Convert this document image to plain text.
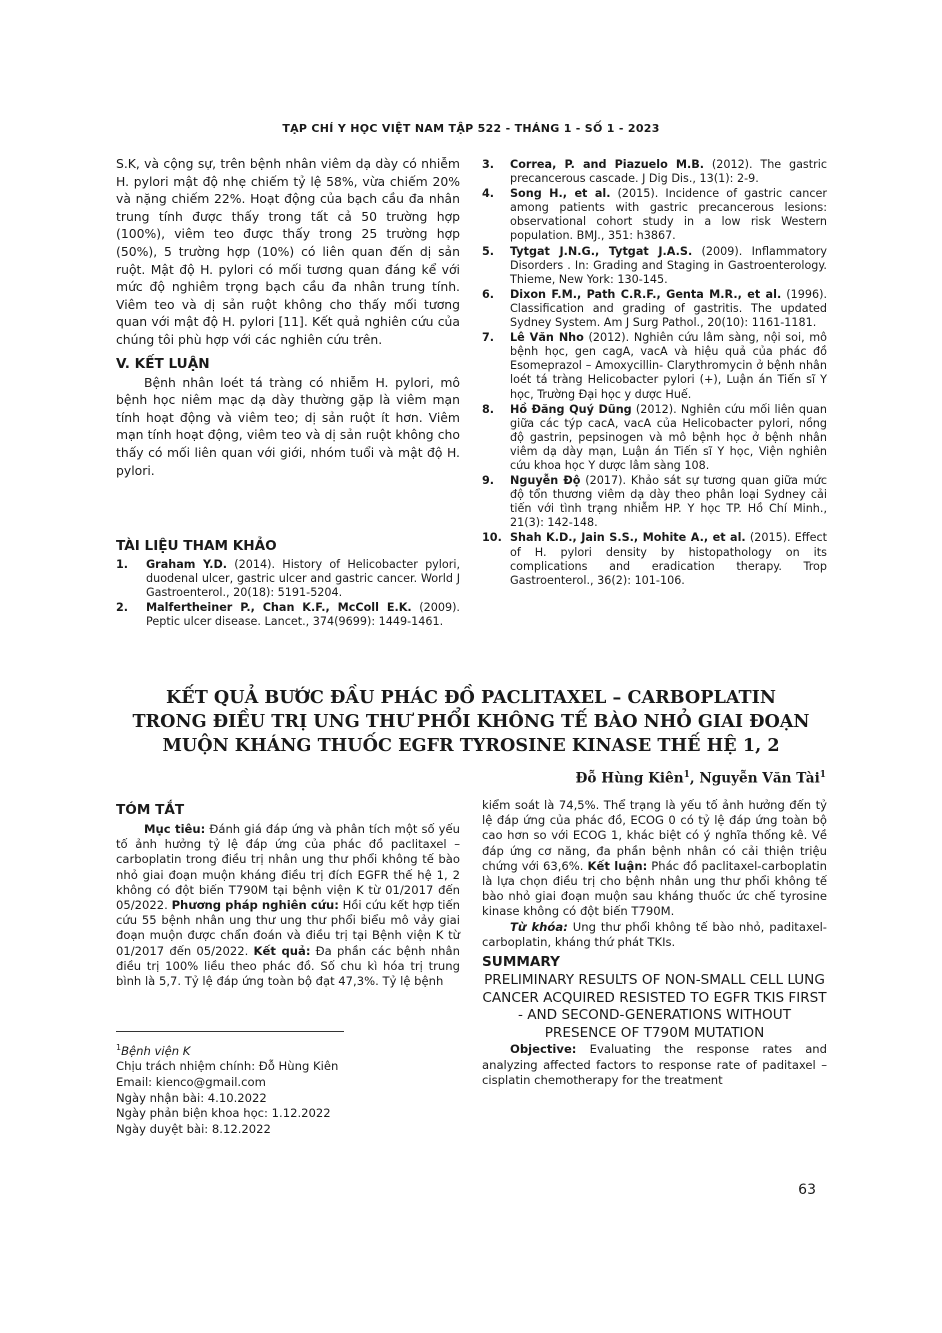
TẠP CHÍ Y HỌC VIỆT NAM TẬP 522 - THÁNG 1 - SỐ 1 - 2023

S.K, và cộng sự, trên bệnh nhân viêm dạ dày có nhiễm H. pylori mật độ nhẹ chiếm tỷ lệ 58%, vừa chiếm 20% và nặng chiếm 22%. Hoạt động của bạch cầu đa nhân trung tính được thấy trong tất cả 50 trường hợp (100%), viêm teo được thấy trong 25 trường hợp (50%), 5 trường hợp (10%) có liên quan đến dị sản ruột. Mật độ H. pylori có mối tương quan đáng kể với mức độ nghiêm trọng bạch cầu đa nhân trung tính. Viêm teo và dị sản ruột không cho thấy mối tương quan với mật độ H. pylori [11]. Kết quả nghiên cứu của chúng tôi phù hợp với các nghiên cứu trên.

V. KẾT LUẬN

Bệnh nhân loét tá tràng có nhiễm H. pylori, mô bệnh học niêm mạc dạ dày thường gặp là viêm mạn tính hoạt động và viêm teo; dị sản ruột ít hơn. Viêm mạn tính hoạt động, viêm teo và dị sản ruột không cho thấy có mối liên quan với giới, nhóm tuổi và mật độ H. pylori.

TÀI LIỆU THAM KHẢO

1. Graham Y.D. (2014). History of Helicobacter pylori, duodenal ulcer, gastric ulcer and gastric cancer. World J Gastroenterol., 20(18): 5191-5204.

2. Malfertheiner P., Chan K.F., McColl E.K. (2009). Peptic ulcer disease. Lancet., 374(9699): 1449-1461.

3. Correa, P. and Piazuelo M.B. (2012). The gastric precancerous cascade. J Dig Dis., 13(1): 2-9.

4. Song H., et al. (2015). Incidence of gastric cancer among patients with gastric precancerous lesions: observational cohort study in a low risk Western population. BMJ., 351: h3867.

5. Tytgat J.N.G., Tytgat J.A.S. (2009). Inflammatory Disorders . In: Grading and Staging in Gastroenterology. Thieme, New York: 130-145.

6. Dixon F.M., Path C.R.F., Genta M.R., et al. (1996). Classification and grading of gastritis. The updated Sydney System. Am J Surg Pathol., 20(10): 1161-1181.

7. Lê Văn Nho (2012). Nghiên cứu lâm sàng, nội soi, mô bệnh học, gen cagA, vacA và hiệu quả của phác đồ Esomeprazol – Amoxycillin- Clarythromycin ở bệnh nhân loét tá tràng Helicobacter pylori (+), Luận án Tiến sĩ Y học, Trường Đại học y dược Huế.

8. Hồ Đăng Quý Dũng (2012). Nghiên cứu mối liên quan giữa các týp cacA, vacA của Helicobacter pylori, nồng độ gastrin, pepsinogen và mô bệnh học ở bệnh nhân viêm dạ dày mạn, Luận án Tiến sĩ Y học, Viện nghiên cứu khoa học Y dược lâm sàng 108.

9. Nguyễn Độ (2017). Khảo sát sự tương quan giữa mức độ tổn thương viêm dạ dày theo phân loại Sydney cải tiến với tình trạng nhiễm HP. Y học TP. Hồ Chí Minh., 21(3): 142-148.

10. Shah K.D., Jain S.S., Mohite A., et al. (2015). Effect of H. pylori density by histopathology on its complications and eradication therapy. Trop Gastroenterol., 36(2): 101-106.

KẾT QUẢ BƯỚC ĐẦU PHÁC ĐỒ PACLITAXEL – CARBOPLATIN
TRONG ĐIỀU TRỊ UNG THƯ PHỔI KHÔNG TẾ BÀO NHỎ GIAI ĐOẠN
MUỘN KHÁNG THUỐC EGFR TYROSINE KINASE THẾ HỆ 1, 2
Đỗ Hùng Kiên$^1$, Nguyễn Văn Tài$^1$
TÓM TẮT

Mục tiêu: Đánh giá đáp ứng và phân tích một số yếu tố ảnh hưởng tỷ lệ đáp ứng của phác đồ paclitaxel – carboplatin trong điều trị nhân ung thư phổi không tế bào nhỏ giai đoạn muộn kháng điều trị đích EGFR thế hệ 1, 2 không có đột biến T790M tại bệnh viện K từ 01/2017 đến 05/2022. Phương pháp nghiên cứu: Hồi cứu kết hợp tiến cứu 55 bệnh nhân ung thư ung thư phổi biểu mô vảy giai đoạn muộn được chẩn đoán và điều trị tại Bệnh viện K từ 01/2017 đến 05/2022. Kết quả: Đa phần các bệnh nhân điều trị 100% liều theo phác đồ. Số chu kì hóa trị trung bình là 5,7. Tỷ lệ đáp ứng toàn bộ đạt 47,3%. Tỷ lệ bệnh

kiểm soát là 74,5%. Thể trạng là yếu tố ảnh hưởng đến tỷ lệ đáp ứng của phác đồ, ECOG 0 có tỷ lệ đáp ứng toàn bộ cao hơn so với ECOG 1, khác biệt có ý nghĩa thống kê. Về đáp ứng cơ năng, đa phần bệnh nhân có cải thiện triệu chứng với 63,6%. Kết luận: Phác đồ paclitaxel-carboplatin là lựa chọn điều trị cho bệnh nhân ung thư phổi không tế bào nhỏ giai đoạn muộn sau kháng thuốc ức chế tyrosine kinase không có đột biến T790M.

Từ khóa: Ung thư phổi không tế bào nhỏ, paditaxel-carboplatin, kháng thứ phát TKIs.

SUMMARY

PRELIMINARY RESULTS OF NON-SMALL CELL LUNG CANCER ACQUIRED RESISTED TO EGFR TKIS FIRST - AND SECOND-GENERATIONS WITHOUT PRESENCE OF T790M MUTATION

Objective: Evaluating the response rates and analyzing affected factors to response rate of paditaxel – cisplatin chemotherapy for the treatment

$^1$Bệnh viện K
Chịu trách nhiệm chính: Đỗ Hùng Kiên
Email: kienco@gmail.com
Ngày nhận bài: 4.10.2022
Ngày phản biện khoa học: 1.12.2022
Ngày duyệt bài: 8.12.2022
63
